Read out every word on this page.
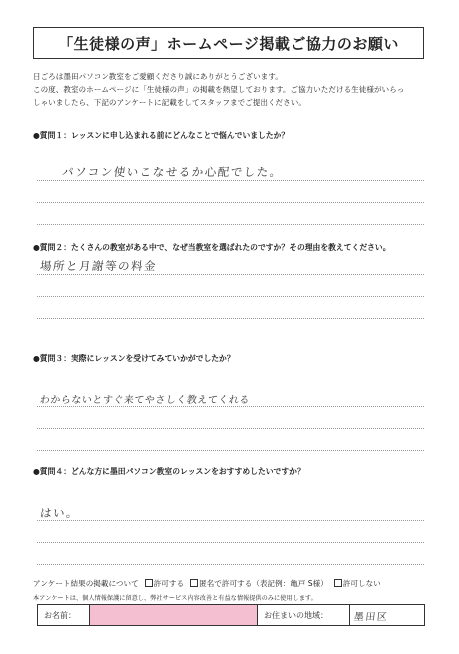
「生徒様の声」ホームページ掲載ご協力のお願い
日ごろは墨田パソコン教室をご愛顧くださり誠にありがとうございます。
この度、教室のホームページに「生徒様の声」の掲載を熱望しております。ご協力いただける生徒様がいらっ
しゃいましたら、下記のアンケートに記載をしてスタッフまでご提出ください。
●質問１：レッスンに申し込まれる前にどんなことで悩んでいましたか？
パソコン使いこなせるか心配でした。
●質問２：たくさんの教室がある中で、なぜ当教室を選ばれたのですか？その理由を教えてください。
場所と月謝等の料金
●質問３：実際にレッスンを受けてみていかがでしたか？
わからないとすぐ来てやさしく教えてくれる
●質問４：どんな方に墨田パソコン教室のレッスンをおすすめしたいですか？
はい。
アンケート結果の掲載について	許可する	匿名で許可する（表記例：亀戸 S様）	許可しない
本アンケートは、個人情報保護に留意し、弊社サービス内容改善と有益な情報提供のみに使用します。
お名前：	お住まいの地域：	墨田区
